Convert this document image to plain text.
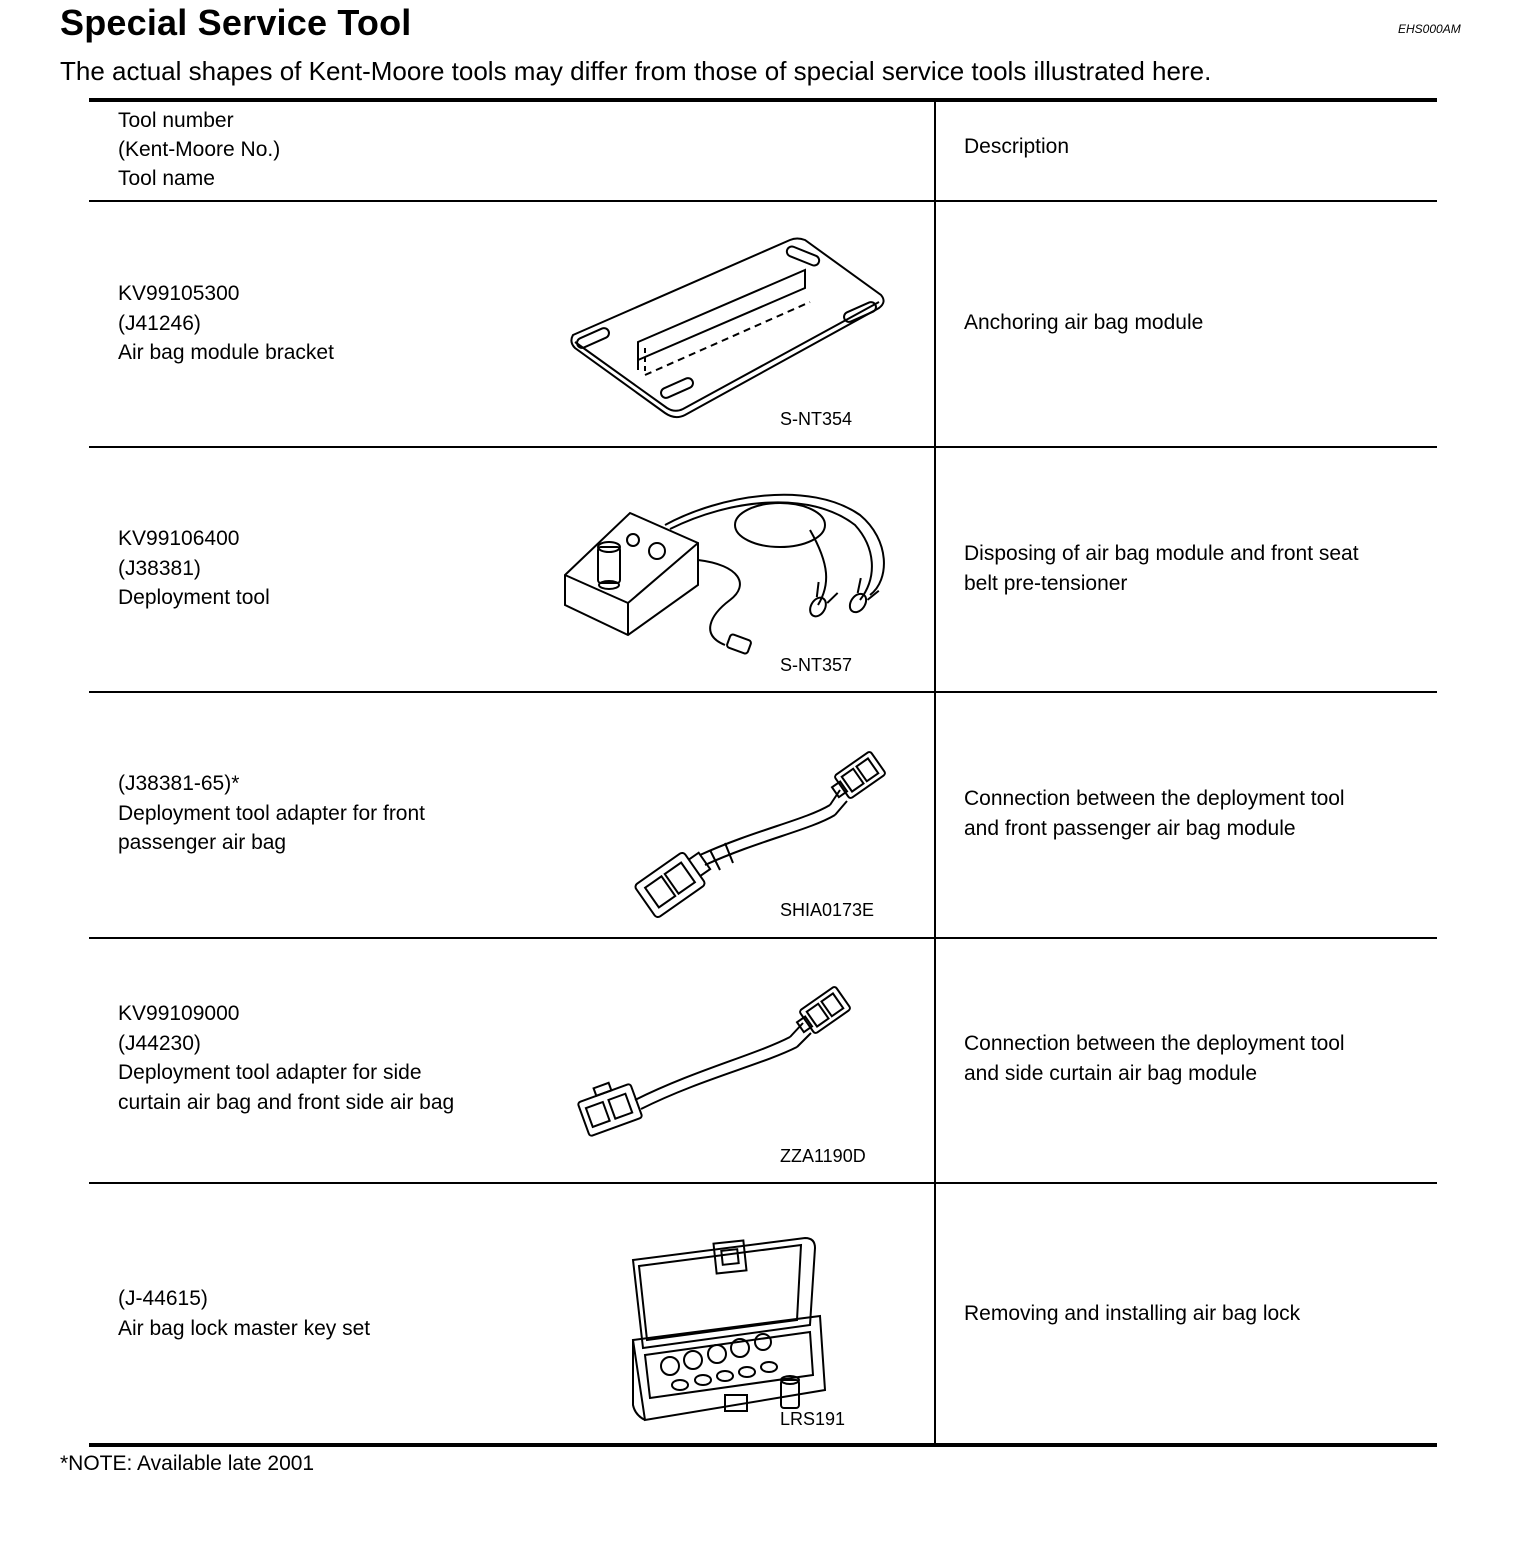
Special Service Tool	EHS000AM
The actual shapes of Kent-Moore tools may differ from those of special service tools illustrated here.
Tool number
(Kent-Moore No.)
Tool name
Description
KV99105300
(J41246)
Air bag module bracket
S-NT354
Anchoring air bag module
KV99106400
(J38381)
Deployment tool
S-NT357
Disposing of air bag module and front seat
belt pre-tensioner
(J38381-65)*
Deployment tool adapter for front
passenger air bag
SHIA0173E
Connection between the deployment tool
and front passenger air bag module
KV99109000
(J44230)
Deployment tool adapter for side
curtain air bag and front side air bag
ZZA1190D
Connection between the deployment tool
and side curtain air bag module
(J-44615)
Air bag lock master key set
LRS191
Removing and installing air bag lock
*NOTE: Available late 2001
